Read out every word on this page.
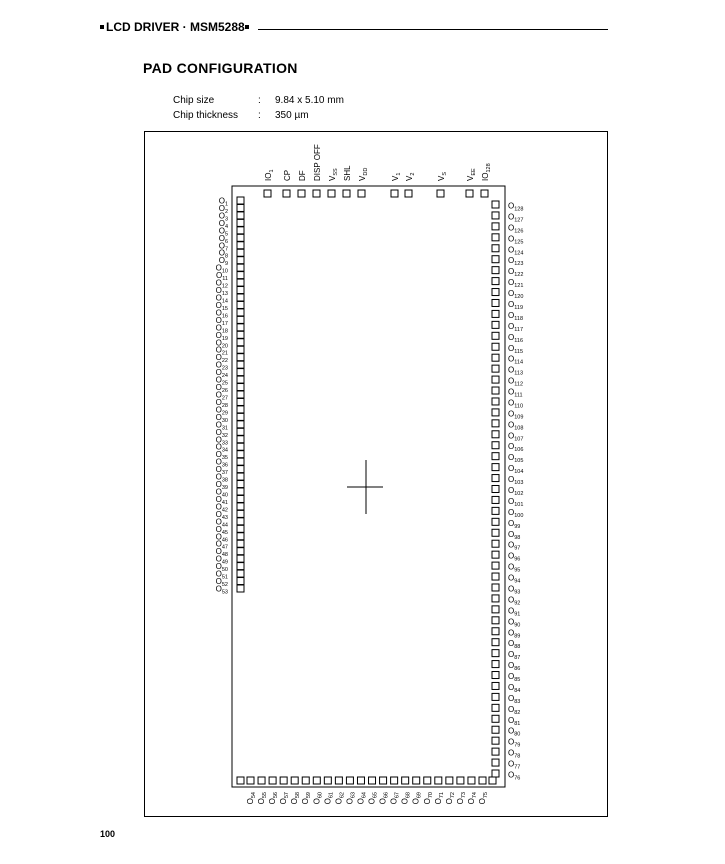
LCD DRIVER · MSM5288
PAD CONFIGURATION
Chip size	: 9.84 x 5.10 mm
Chip thickness : 350 µm
$O_1$
$O_2$
$O_3$
$O_4$
$O_5$
$O_6$
$O_7$
$O_8$
$O_9$
$O_{10}$
$O_{11}$
$O_{12}$
$O_{13}$
$O_{14}$
$O_{15}$
$O_{16}$
$O_{17}$
$O_{18}$
$O_{19}$
$O_{20}$
$O_{21}$
$O_{22}$
$O_{23}$
$O_{24}$
$O_{25}$
$O_{26}$
$O_{27}$
$O_{28}$
$O_{29}$
$O_{30}$
$O_{31}$
$O_{32}$
$O_{33}$
$O_{34}$
$O_{35}$
$O_{36}$
$O_{37}$
$O_{38}$
$O_{39}$
$O_{40}$
$O_{41}$
$O_{42}$
$O_{43}$
$O_{44}$
$O_{45}$
$O_{46}$
$O_{47}$
$O_{48}$
$O_{49}$
$O_{50}$
$O_{51}$
$O_{52}$
$O_{53}$
$O_{128}$
$O_{127}$
$O_{126}$
$O_{125}$
$O_{124}$
$O_{123}$
$O_{122}$
$O_{121}$
$O_{120}$
$O_{119}$
$O_{118}$
$O_{117}$
$O_{116}$
$O_{115}$
$O_{114}$
$O_{113}$
$O_{112}$
$O_{111}$
$O_{110}$
$O_{109}$
$O_{108}$
$O_{107}$
$O_{106}$
$O_{105}$
$O_{104}$
$O_{103}$
$O_{102}$
$O_{101}$
$O_{100}$
$O_{99}$
$O_{98}$
$O_{97}$
$O_{96}$
$O_{95}$
$O_{94}$
$O_{93}$
$O_{92}$
$O_{91}$
$O_{90}$
$O_{89}$
$O_{88}$
$O_{87}$
$O_{86}$
$O_{85}$
$O_{84}$
$O_{83}$
$O_{82}$
$O_{81}$
$O_{80}$
$O_{79}$
$O_{78}$
$O_{77}$
$O_{76}$
$O_{54}$
$O_{55}$
$O_{56}$
$O_{57}$
$O_{58}$
$O_{59}$
$O_{60}$
$O_{61}$
$O_{62}$
$O_{63}$
$O_{64}$
$O_{65}$
$O_{66}$
$O_{67}$
$O_{68}$
$O_{69}$
$O_{70}$
$O_{71}$
$O_{72}$
$O_{73}$
$O_{74}$
$O_{75}$
$IO_1$ CP DF DISP OFF $V_{SS}$ SHL $V_{DD}$
$V_1$
$V_2$
$V_S$
$V_{EE}$
$IO_{128}$
100
